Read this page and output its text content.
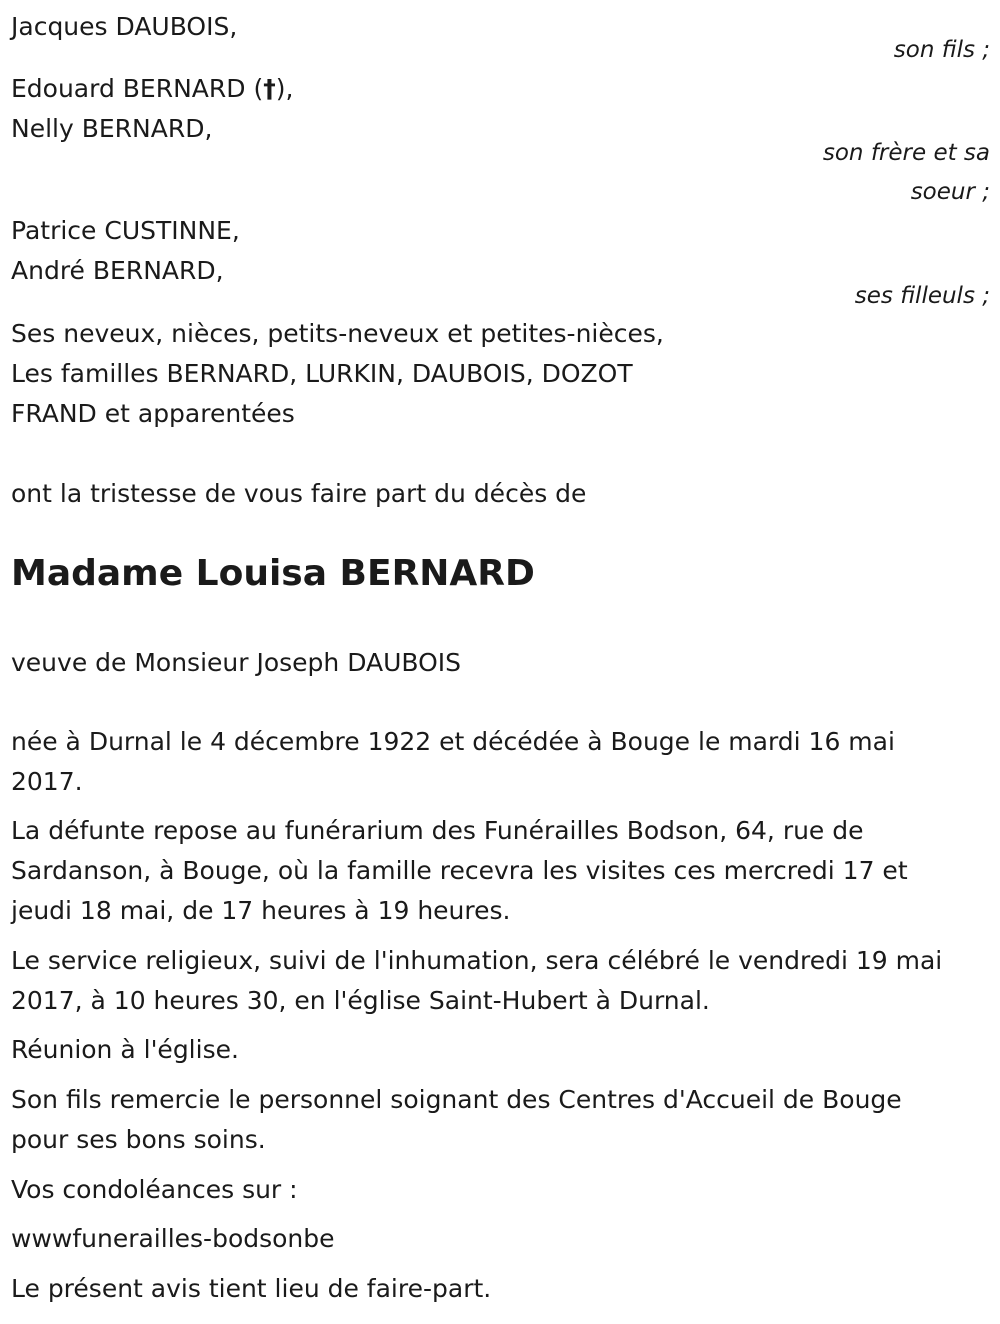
Jacques DAUBOIS,
son fils ;
Edouard BERNARD (†),
Nelly BERNARD,
son frère et sa
soeur ;
Patrice CUSTINNE,
André BERNARD,
ses filleuls ;
Ses neveux, nièces, petits-neveux et petites-nièces,
Les familles BERNARD, LURKIN, DAUBOIS, DOZOT
FRAND et apparentées
ont la tristesse de vous faire part du décès de
Madame Louisa BERNARD
veuve de Monsieur Joseph DAUBOIS
née à Durnal le 4 décembre 1922 et décédée à Bouge le mardi 16 mai
2017.
La défunte repose au funérarium des Funérailles Bodson, 64, rue de
Sardanson, à Bouge, où la famille recevra les visites ces mercredi 17 et
jeudi 18 mai, de 17 heures à 19 heures.
Le service religieux, suivi de l'inhumation, sera célébré le vendredi 19 mai
2017, à 10 heures 30, en l'église Saint-Hubert à Durnal.
Réunion à l'église.
Son fils remercie le personnel soignant des Centres d'Accueil de Bouge
pour ses bons soins.
Vos condoléances sur :
wwwfunerailles-bodsonbe
Le présent avis tient lieu de faire-part.
